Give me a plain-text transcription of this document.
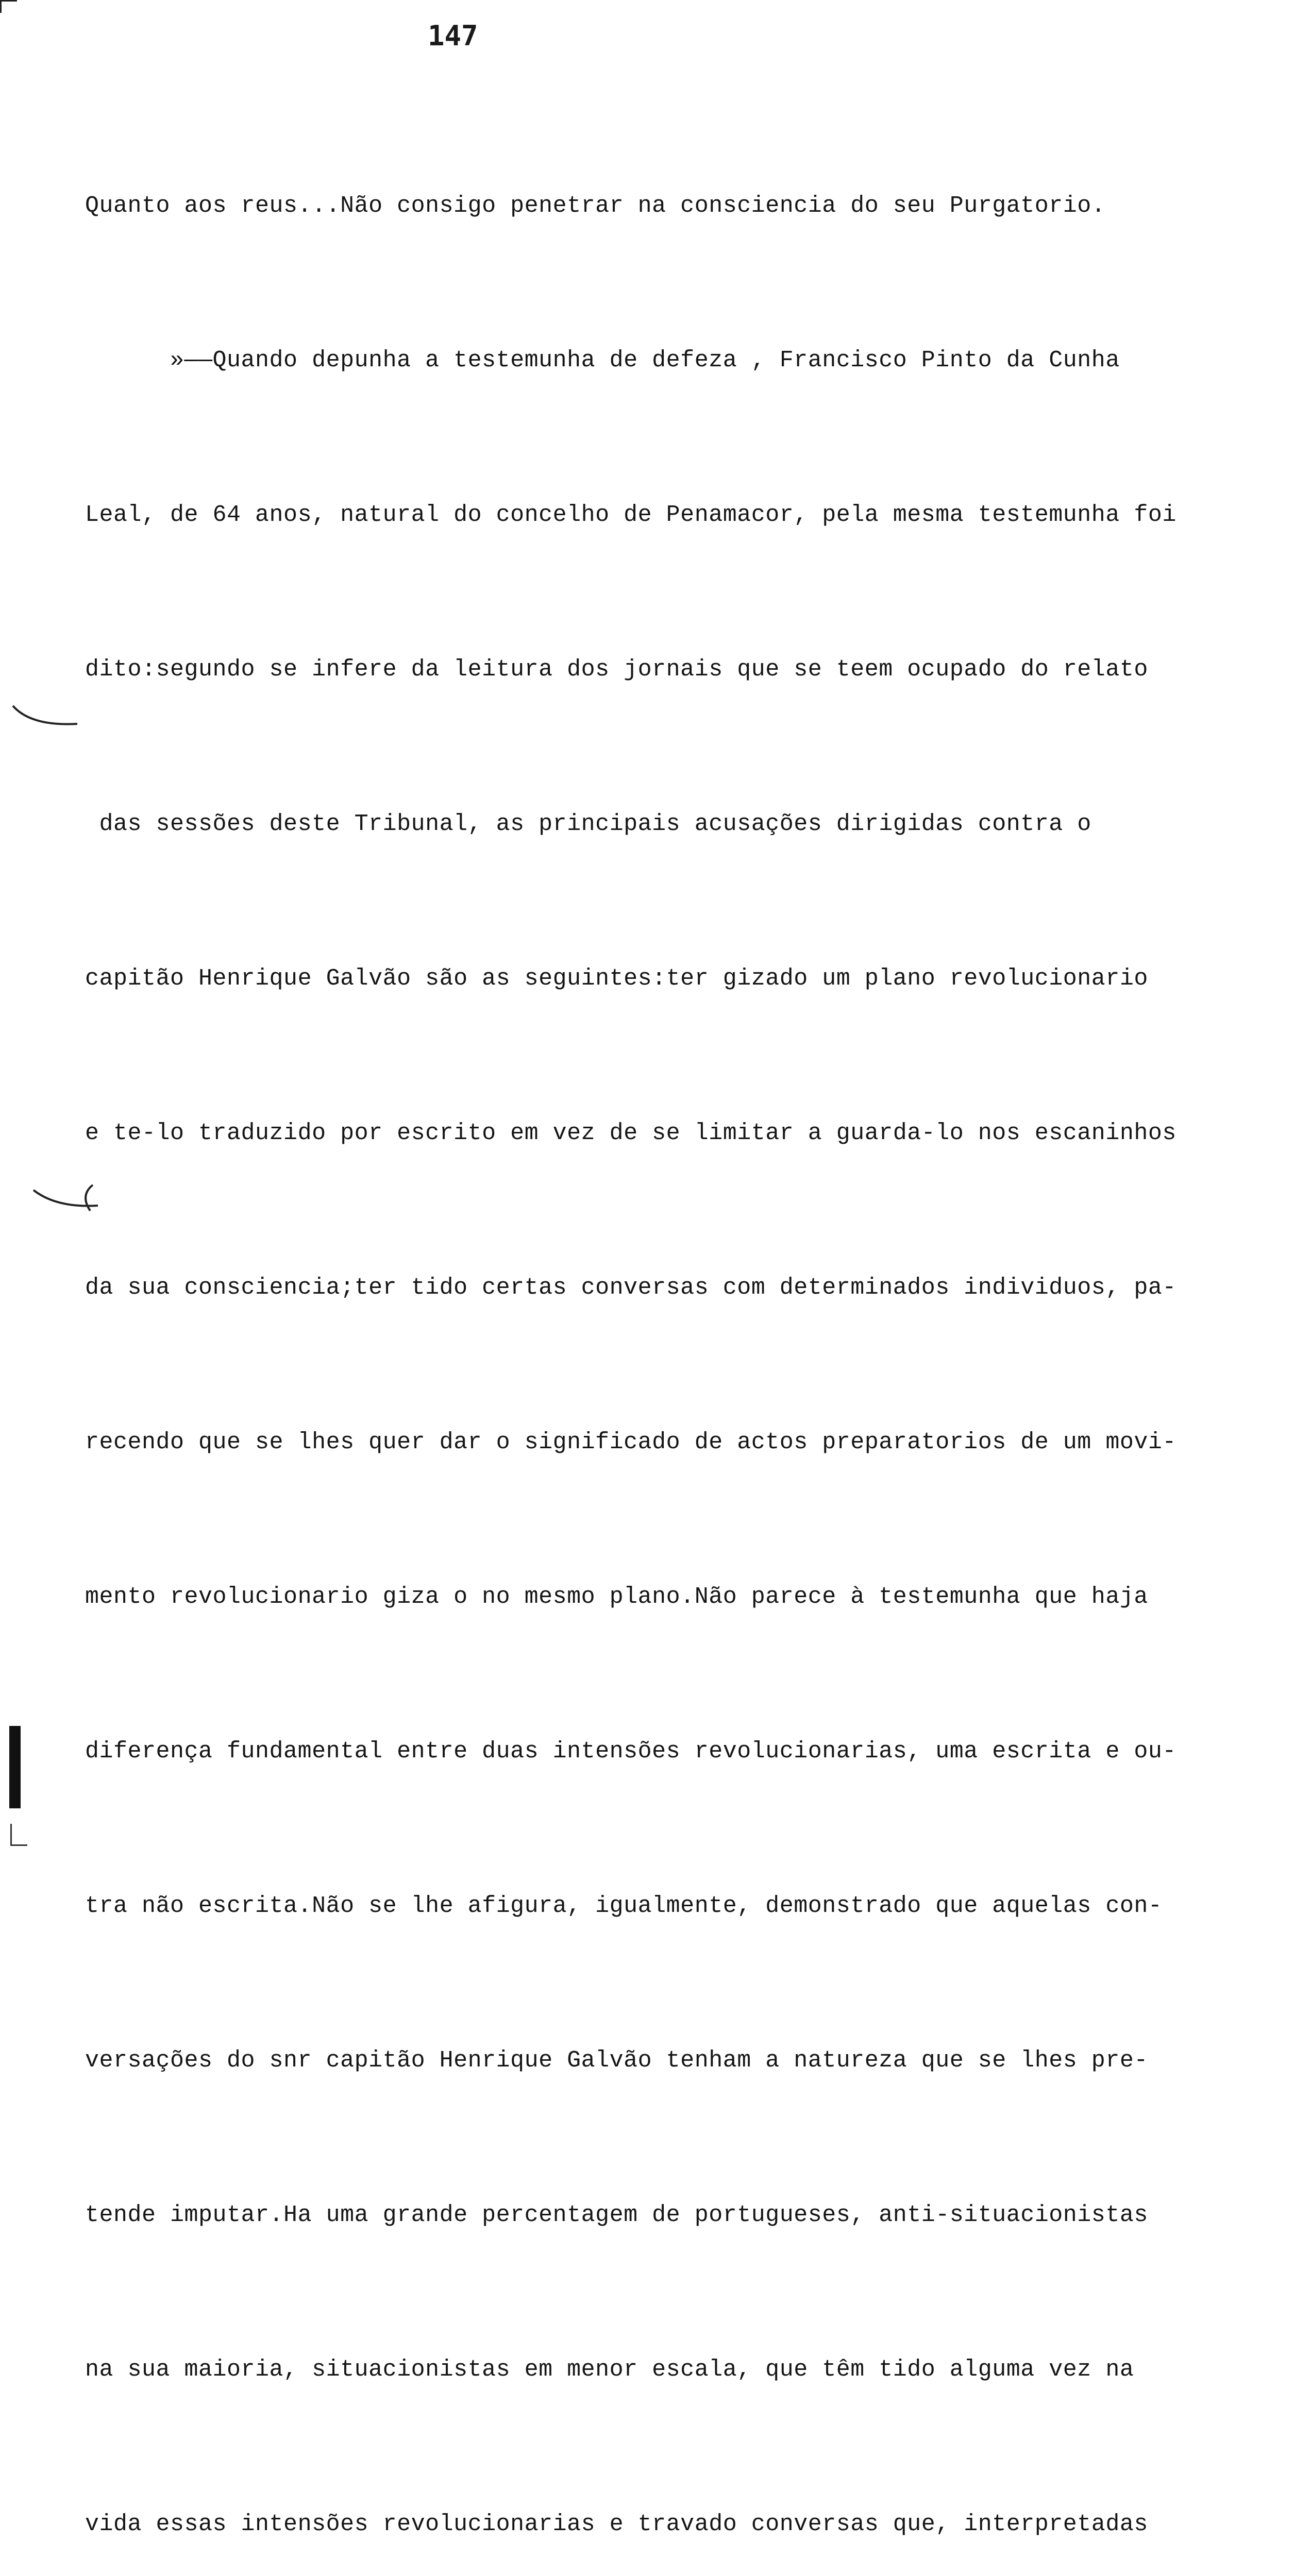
147

Quanto aos reus...Não consigo penetrar na consciencia do seu Purgatorio.

»——Quando depunha a testemunha de defeza , Francisco Pinto da Cunha

Leal, de 64 anos, natural do concelho de Penamacor, pela mesma testemunha foi

dito:segundo se infere da leitura dos jornais que se teem ocupado do relato

das sessões deste Tribunal, as principais acusações dirigidas contra o

capitão Henrique Galvão são as seguintes:ter gizado um plano revolucionario

e te-lo traduzido por escrito em vez de se limitar a guarda-lo nos escaninhos

da sua consciencia;ter tido certas conversas com determinados individuos, pa-

recendo que se lhes quer dar o significado de actos preparatorios de um movi-

mento revolucionario giza o no mesmo plano.Não parece à testemunha que haja

diferença fundamental entre duas intensões revolucionarias, uma escrita e ou-

tra não escrita.Não se lhe afigura, igualmente, demonstrado que aquelas con-

versações do snr capitão Henrique Galvão tenham a natureza que se lhes pre-

tende imputar.Ha uma grande percentagem de portugueses, anti-situacionistas

na sua maioria, situacionistas em menor escala, que têm tido alguma vez na

vida essas intensões revolucionarias e travado conversas que, interpretadas
